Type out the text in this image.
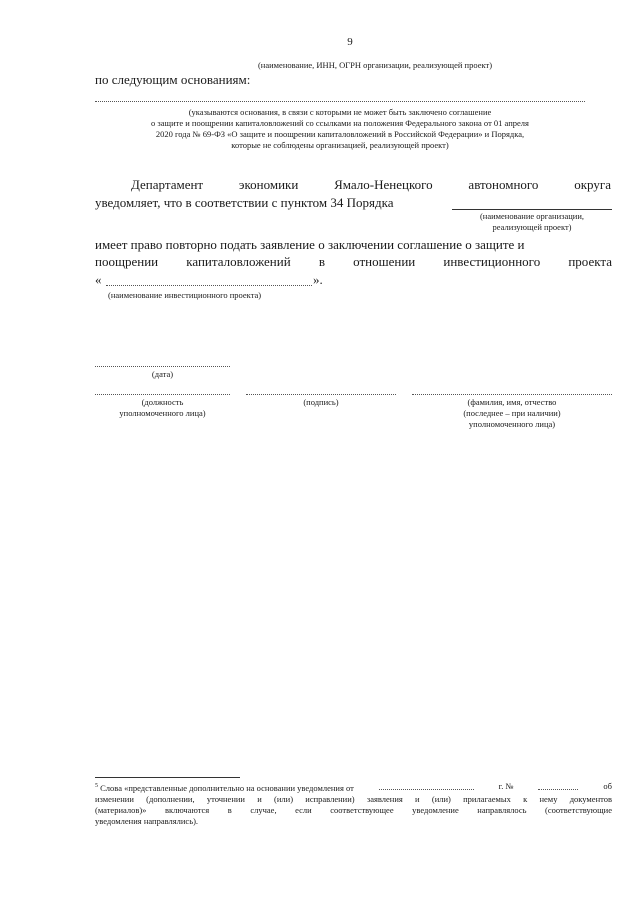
9
(наименование, ИНН, ОГРН организации, реализующей проект)
по следующим основаниям:
(указываются основания, в связи с которыми не может быть заключено соглашение
о защите и поощрении капиталовложений со ссылками на положения Федерального закона от 01 апреля
2020 года № 69-ФЗ «О защите и поощрении капиталовложений в Российской Федерации» и Порядка,
которые не соблюдены организацией, реализующей проект)
Департамент	экономики	Ямало-Ненецкого	автономного	округа
уведомляет, что в соответствии с пунктом 34 Порядка
(наименование организации,
реализующей проект)
имеет право повторно подать заявление о заключении соглашение о защите и
поощрении капиталовложений в отношении инвестиционного проекта
«	».
(наименование инвестиционного проекта)
(дата)
(должность
уполномоченного лица)
(подпись)	(фамилия, имя, отчество
(последнее – при наличии)
уполномоченного лица)
$^5$ Слова «представленные дополнительно на основании уведомления от	г. №	об
изменении (дополнении, уточнении и (или) исправлении) заявления и (или) прилагаемых к нему документов
(материалов)» включаются в случае, если соответствующее уведомление направлялось (соответствующие
уведомления направлялись).
